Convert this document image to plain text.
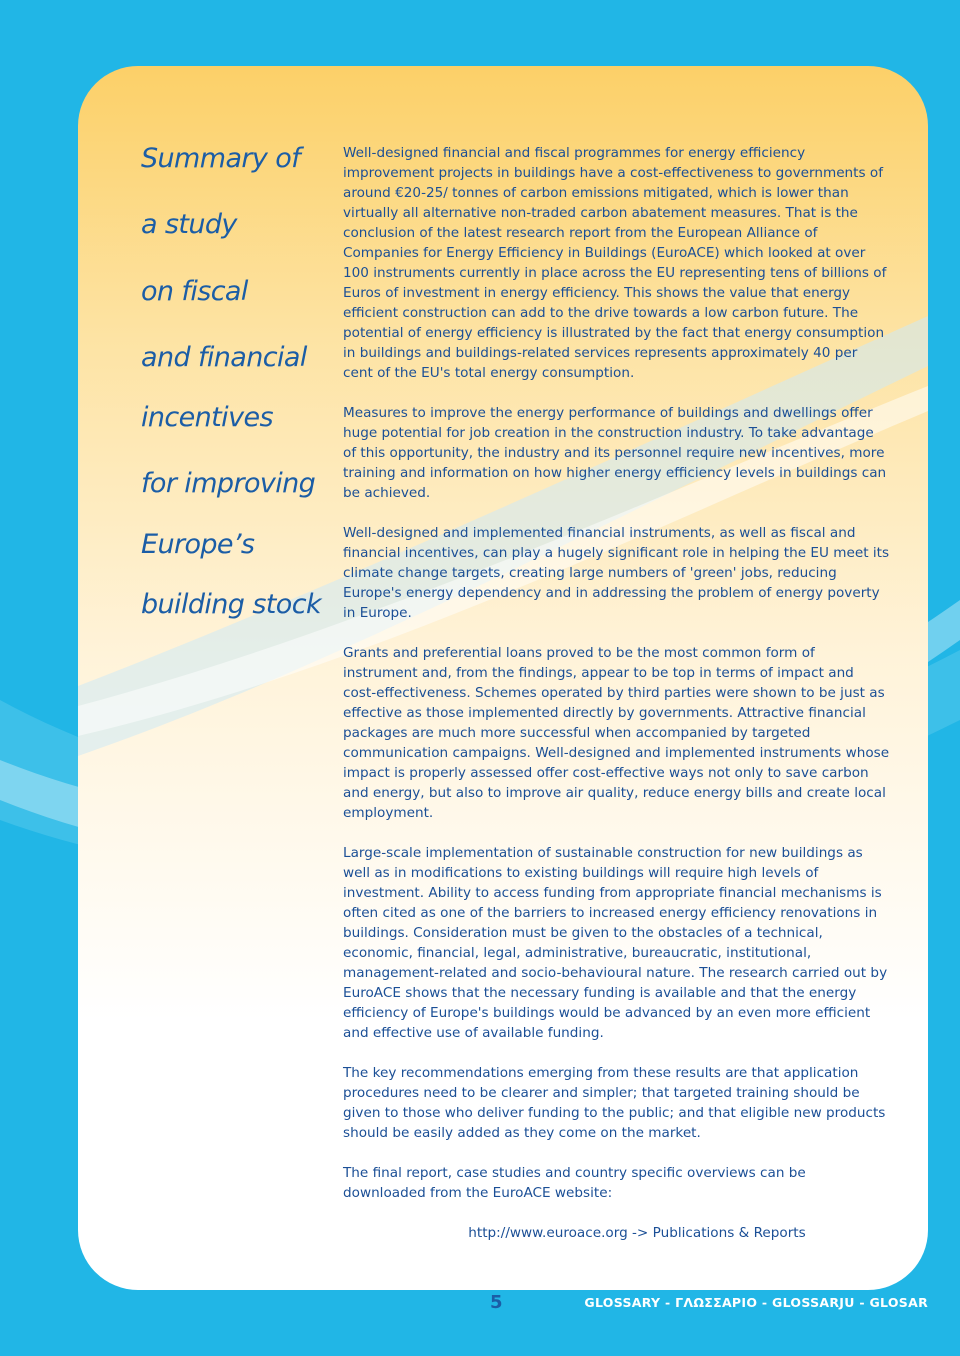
Summary of
a study
on fiscal
and financial
incentives
for improving
Europe’s
building stock

Well-designed financial and fiscal programmes for energy efficiency improvement projects in buildings have a cost-effectiveness to governments of around €20-25/ tonnes of carbon emissions mitigated, which is lower than virtually all alternative non-traded carbon abatement measures. That is the conclusion of the latest research report from the European Alliance of Companies for Energy Efficiency in Buildings (EuroACE) which looked at over 100 instruments currently in place across the EU representing tens of billions of Euros of investment in energy efficiency. This shows the value that energy efficient construction can add to the drive towards a low carbon future. The potential of energy efficiency is illustrated by the fact that energy consumption in buildings and buildings-related services represents approximately 40 per cent of the EU's total energy consumption.

Measures to improve the energy performance of buildings and dwellings offer huge potential for job creation in the construction industry. To take advantage of this opportunity, the industry and its personnel require new incentives, more training and information on how higher energy efficiency levels in buildings can be achieved.

Well-designed and implemented financial instruments, as well as fiscal and financial incentives, can play a hugely significant role in helping the EU meet its climate change targets, creating large numbers of 'green' jobs, reducing Europe's energy dependency and in addressing the problem of energy poverty in Europe.

Grants and preferential loans proved to be the most common form of instrument and, from the findings, appear to be top in terms of impact and cost-effectiveness. Schemes operated by third parties were shown to be just as effective as those implemented directly by governments. Attractive financial packages are much more successful when accompanied by targeted communication campaigns. Well-designed and implemented instruments whose impact is properly assessed offer cost-effective ways not only to save carbon and energy, but also to improve air quality, reduce energy bills and create local employment.

Large-scale implementation of sustainable construction for new buildings as well as in modifications to existing buildings will require high levels of investment. Ability to access funding from appropriate financial mechanisms is often cited as one of the barriers to increased energy efficiency renovations in buildings. Consideration must be given to the obstacles of a technical, economic, financial, legal, administrative, bureaucratic, institutional, management-related and socio-behavioural nature. The research carried out by EuroACE shows that the necessary funding is available and that the energy efficiency of Europe's buildings would be advanced by an even more efficient and effective use of available funding.

The key recommendations emerging from these results are that application procedures need to be clearer and simpler; that targeted training should be given to those who deliver funding to the public; and that eligible new products should be easily added as they come on the market.

The final report, case studies and country specific overviews can be downloaded from the EuroACE website:

http://www.euroace.org -> Publications & Reports

5	GLOSSARY - ΓΛΩΣΣΑΡΙΟ - GLOSSARJU - GLOSAR
